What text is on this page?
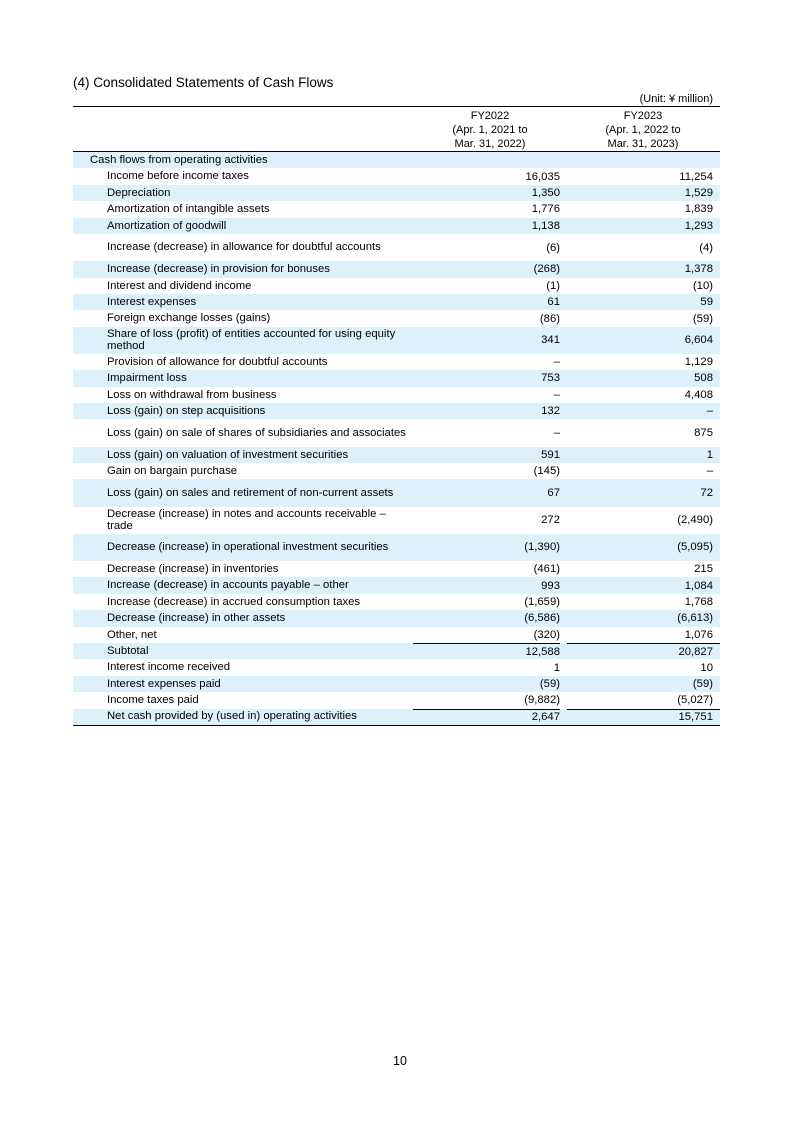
(4) Consolidated Statements of Cash Flows
(Unit: ¥ million)
FY2022
(Apr. 1, 2021 to
Mar. 31, 2022)
FY2023
(Apr. 1, 2022 to
Mar. 31, 2023)
Cash flows from operating activities
Income before income taxes	16,035	11,254
Depreciation	1,350	1,529
Amortization of intangible assets	1,776	1,839
Amortization of goodwill	1,138	1,293
Increase (decrease) in allowance for doubtful accounts	(6)	(4)
Increase (decrease) in provision for bonuses	(268)	1,378
Interest and dividend income	(1)	(10)
Interest expenses	61	59
Foreign exchange losses (gains)	(86)	(59)
Share of loss (profit) of entities accounted for using equity method	341	6,604
Provision of allowance for doubtful accounts	–	1,129
Impairment loss	753	508
Loss on withdrawal from business	–	4,408
Loss (gain) on step acquisitions	132	–
Loss (gain) on sale of shares of subsidiaries and associates	–	875
Loss (gain) on valuation of investment securities	591	1
Gain on bargain purchase	(145)	–
Loss (gain) on sales and retirement of non-current assets	67	72
Decrease (increase) in notes and accounts receivable – trade	272	(2,490)
Decrease (increase) in operational investment securities	(1,390)	(5,095)
Decrease (increase) in inventories	(461)	215
Increase (decrease) in accounts payable – other	993	1,084
Increase (decrease) in accrued consumption taxes	(1,659)	1,768
Decrease (increase) in other assets	(6,586)	(6,613)
Other, net	(320)	1,076
Subtotal	12,588	20,827
Interest income received	1	10
Interest expenses paid	(59)	(59)
Income taxes paid	(9,882)	(5,027)
Net cash provided by (used in) operating activities	2,647	15,751
10
